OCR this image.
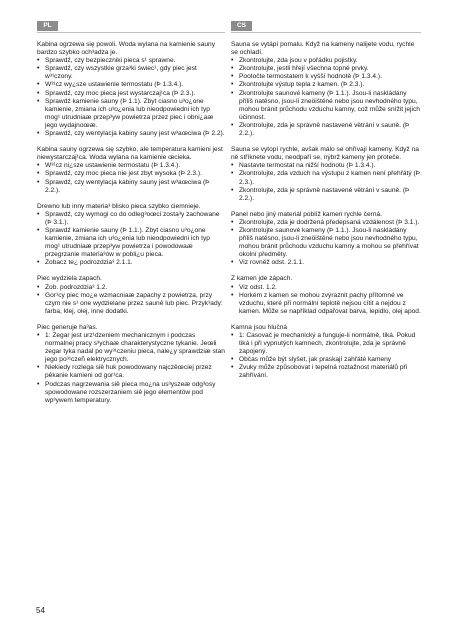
PL	CS

Kabina ogrzewa się powoli. Woda wylana na kamienie sauny bardzo szybko och³adza je.

• Sprawdź, czy bezpieczniki pieca s¹ sprawne.
• Sprawdź, czy wszystkie grza³ki świec¹, gdy piec jest w³¹czony.
• W³¹cz wy¿sze ustawienie termostatu (Þ 1.3.4.).
• Sprawdź, czy moc pieca jest wystarczaj¹ca (Þ 2.3.).
• Sprawdź kamienie sauny (Þ 1.1). Zbyt ciasno u³o¿one kamienie, zmiana ich u³o¿enia lub nieodpowiedni ich typ mog¹ utrudniaæ przep³yw powietrza przez piec i obni¿aæ jego wydajnoœæ.
• Sprawdź, czy wentylacja kabiny sauny jest w³aœciwa (Þ 2.2).

Kabina sauny ogrzewa się szybko, ale temperatura kamieni jest niewystarczaj¹ca. Woda wylana na kamienie œcieka.

• W³¹cz ni¿sze ustawienie termostatu (Þ 1.3.4.).
• Sprawdź, czy moc pieca nie jest zbyt wysoka (Þ 2.3.).
• Sprawdź, czy wentylacja kabiny sauny jest w³aœciwa (Þ 2.2.).

Drewno lub inny materia³ blisko pieca szybko ciemnieje.

• Sprawdź, czy wymogi co do odleg³oœci zosta³y zachowane (Þ 3.1.).
• Sprawdź kamienie sauny (Þ 1.1.). Zbyt ciasno u³o¿one kamienie, zmiana ich u³o¿enia lub nieodpowiedni ich typ mog¹ utrudniaæ przep³yw powietrza i powodowaæ przegrzanie materia³ów w pobli¿u pieca.
• Zobacz te¿ podrozdzia³ 2.1.1.

Piec wydziela zapach.

• Zob. podrozdzia³ 1.2.
• Gor¹cy piec mo¿e wzmacniaæ zapachy z powietrza, przy czym nie s¹ one wydzielane przez saunê lub piec. Przyk³ady: farba, klej, olej, inne dodatki.

Piec generuje ha³as.

• 1: Zegar jest urz¹dzeniem mechanicznym i podczas normalnej pracy s³ychaæ charakterystyczne tykanie. Jeœli zegar tyka nadal po wy³¹czeniu pieca, nale¿y sprawdziæ stan jego po³¹czeñ elektrycznych.
• Niekiedy rozlega siê huk powodowany najczêœciej przez pêkanie kamieni od gor¹ca.
• Podczas nagrzewania siê pieca mo¿na us³yszeæ odg³osy spowodowane rozszerzaniem siê jego elementów pod wp³ywem temperatury.

Sauna se vytápí pomalu. Když na kameny nalijete vodu, rychle se ochladí.

• Zkontrolujte, zda jsou v pořádku pojistky.
• Zkontrolujte, jestli hřejí všechna topné prvky.
• Pootočte termostatem k vyšší hodnotě (Þ 1.3.4.).
• Zkontrolujte výstup tepla z kamen. (Þ 2.3.).
• Zkontrolujte saunové kameny (Þ 1.1.). Jsou-li naskládány příliš natěsno, jsou-li zneöištěné nebo jsou nevhodného typu, mohou bránit průchodu vzduchu kamny, což může snížit jejich účinnost.
• Zkontrolujte, zda je správně nastavené větrání v sauně. (Þ 2.2.).

Sauna se vytopí rychle, avšak málo se ohřívají kameny. Když na ně stříknete vodu, neodpaří se, nýbrž kameny jen proteče.

• Nastavte termostat na nižší hodnotu (Þ 1.3.4.).
• Zkontrolujte, zda vzduch na výstupu z kamen není přehřátý (Þ 2.3.).
• Zkontrolujte, zda je správně nastavené větrání v sauně. (Þ 2.2.).

Panel nebo jiný materiál poblíž kamen rychle černá.

• Zkontrolujte, zda je dodržená předepsaná vzdálenost (Þ 3.1.).
• Zkontrolujte saunové kameny (Þ 1.1.). Jsou-li naskládány příliš natěsno, jsou-li zneöištěné nebo jsou nevhodného typu, mohou bránit průchodu vzduchu kamny a mohou se přehřívat okolní předměty.
• Viz rovněž odst. 2.1.1.

Z kamen jde zápach.

• Viz odst. 1.2.
• Horkém z kamen se mohou zvýraznit pachy přítomné ve vzduchu, které při normální teplotě nejsou cítit a nejdou z kamen. Může se například odpařovat barva, lepidlo, olej apod.

Kamna jsou hlučná

• 1: Casovač je mechanický a funguje-li normálně, tiká. Pokud tiká i při vypnutých kamnech, zkontrolujte, zda je správně zapojený.
• Občas může být slyšet, jak praskají zahřáté kameny
• Zvuky může způsobovat i tepelná roztažnost materiálů při zahřívání.
54
